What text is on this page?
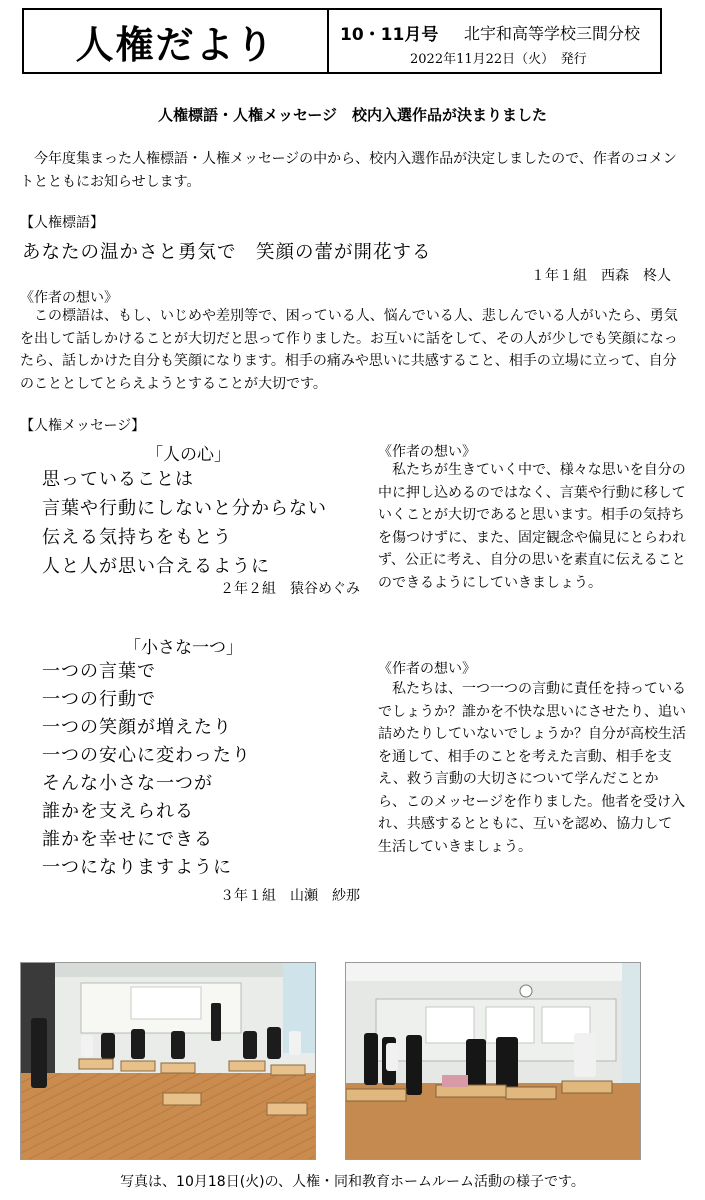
人権だより	10・11月号 北宇和高等学校三間分校
2022年11月22日（火）　発行
人権標語・人権メッセージ　校内入選作品が決まりました
今年度集まった人権標語・人権メッセージの中から、校内入選作品が決定しましたので、作者のコメントとともにお知らせします。
【人権標語】
あなたの温かさと勇気で　笑顔の蕾が開花する
１年１組　西森　柊人
《作者の想い》
この標語は、もし、いじめや差別等で、困っている人、悩んでいる人、悲しんでいる人がいたら、勇気を出して話しかけることが大切だと思って作りました。お互いに話をして、その人が少しでも笑顔になったら、話しかけた自分も笑顔になります。相手の痛みや思いに共感すること、相手の立場に立って、自分のこととしてとらえようとすることが大切です。
【人権メッセージ】
「人の心」
思っていることは
言葉や行動にしないと分からない
伝える気持ちをもとう
人と人が思い合えるように
２年２組　猿谷めぐみ
《作者の想い》
私たちが生きていく中で、様々な思いを自分の中に押し込めるのではなく、言葉や行動に移していくことが大切であると思います。相手の気持ちを傷つけずに、また、固定観念や偏見にとらわれず、公正に考え、自分の思いを素直に伝えることのできるようにしていきましょう。
「小さな一つ」
一つの言葉で
一つの行動で
一つの笑顔が増えたり
一つの安心に変わったり
そんな小さな一つが
誰かを支えられる
誰かを幸せにできる
一つになりますように
３年１組　山瀬　紗那
《作者の想い》
私たちは、一つ一つの言動に責任を持っているでしょうか？誰かを不快な思いにさせたり、追い詰めたりしていないでしょうか？自分が高校生活を通して、相手のことを考えた言動、相手を支え、救う言動の大切さについて学んだことから、このメッセージを作りました。他者を受け入れ、共感するとともに、互いを認め、協力して生活していきましょう。
写真は、10月18日(火)の、人権・同和教育ホームルーム活動の様子です。
